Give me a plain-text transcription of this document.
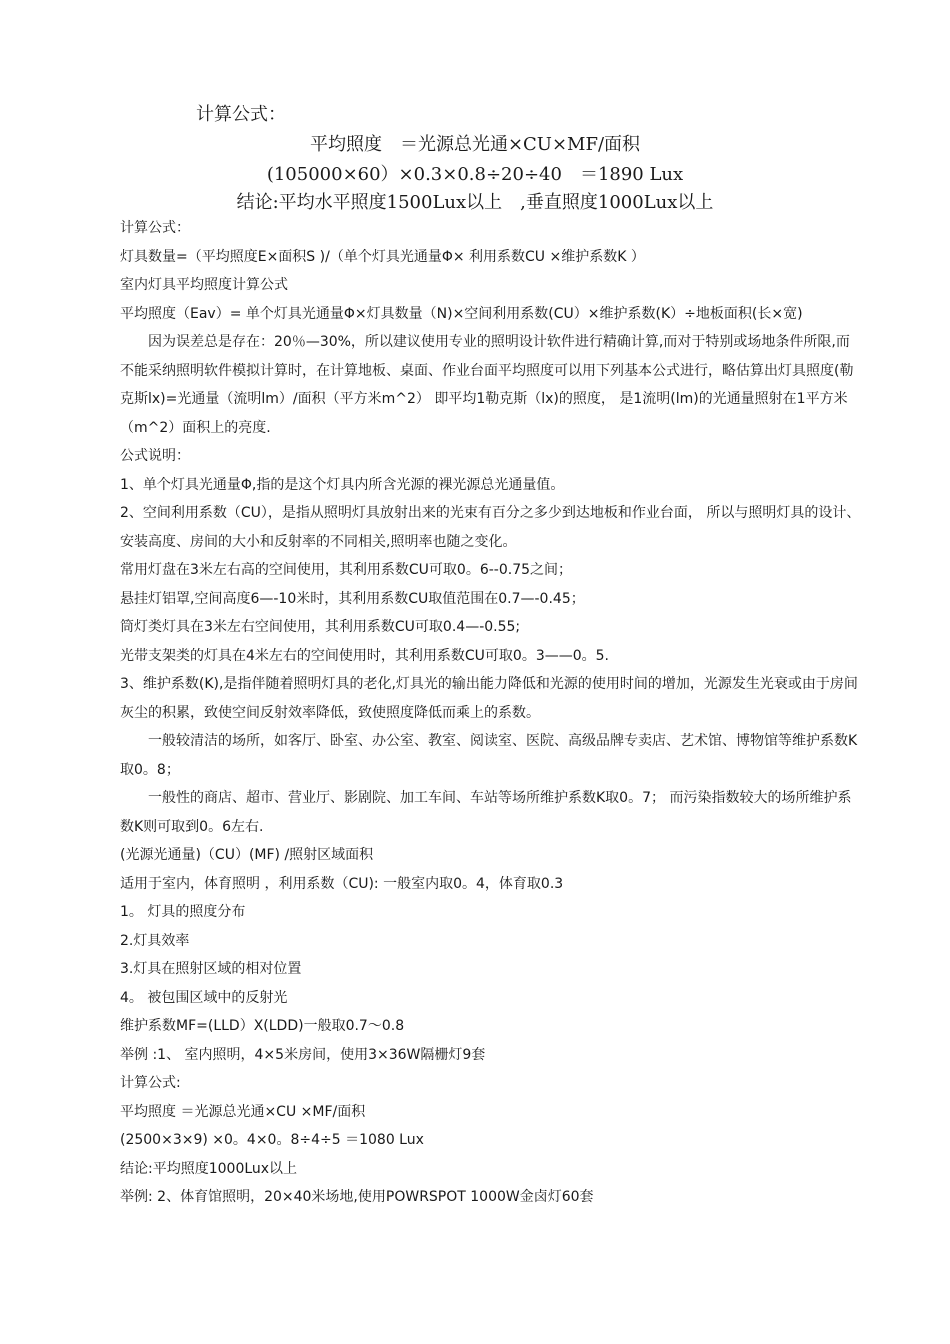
计算公式：
平均照度　＝光源总光通×CU×MF/面积
(105000×60）×0.3×0.8÷20÷40　＝1890 Lux
结论:平均水平照度1500Lux以上　,垂直照度1000Lux以上

计算公式：

灯具数量=（平均照度E×面积S )/（单个灯具光通量Φ× 利用系数CU ×维护系数K ）

室内灯具平均照度计算公式

平均照度（Eav）= 单个灯具光通量Φ×灯具数量（N)×空间利用系数(CU）×维护系数(K）÷地板面积(长×宽)

因为误差总是存在：20％—30%，所以建议使用专业的照明设计软件进行精确计算,而对于特别或场地条件所限,而不能采纳照明软件模拟计算时，在计算地板、桌面、作业台面平均照度可以用下列基本公式进行，略估算出灯具照度(勒克斯lx)=光通量（流明lm）/面积（平方米m^2） 即平均1勒克斯（lx)的照度， 是1流明(lm)的光通量照射在1平方米（m^2）面积上的亮度.

公式说明：

1、单个灯具光通量Φ,指的是这个灯具内所含光源的裸光源总光通量值。

2、空间利用系数（CU），是指从照明灯具放射出来的光束有百分之多少到达地板和作业台面， 所以与照明灯具的设计、安装高度、房间的大小和反射率的不同相关,照明率也随之变化。

常用灯盘在3米左右高的空间使用，其利用系数CU可取0。6--0.75之间；

悬挂灯铝罩,空间高度6—-10米时，其利用系数CU取值范围在0.7—-0.45；

筒灯类灯具在3米左右空间使用，其利用系数CU可取0.4—-0.55;

光带支架类的灯具在4米左右的空间使用时，其利用系数CU可取0。3——0。5.

3、维护系数(K),是指伴随着照明灯具的老化,灯具光的输出能力降低和光源的使用时间的增加，光源发生光衰或由于房间灰尘的积累，致使空间反射效率降低，致使照度降低而乘上的系数。

一般较清洁的场所，如客厅、卧室、办公室、教室、阅读室、医院、高级品牌专卖店、艺术馆、博物馆等维护系数K取0。8；

一般性的商店、超市、营业厅、影剧院、加工车间、车站等场所维护系数K取0。7； 而污染指数较大的场所维护系数K则可取到0。6左右.

(光源光通量)（CU）(MF) /照射区域面积

适用于室内，体育照明 ，利用系数（CU): 一般室内取0。4，体育取0.3

1。 灯具的照度分布

2.灯具效率

3.灯具在照射区域的相对位置

4。 被包围区域中的反射光

维护系数MF=(LLD）X(LDD)一般取0.7～0.8

举例 :1、 室内照明，4×5米房间，使用3×36W隔栅灯9套

计算公式:

平均照度 ＝光源总光通×CU ×MF/面积

(2500×3×9) ×0。4×0。8÷4÷5 ＝1080 Lux

结论:平均照度1000Lux以上

举例: 2、体育馆照明，20×40米场地,使用POWRSPOT 1000W金卤灯60套
